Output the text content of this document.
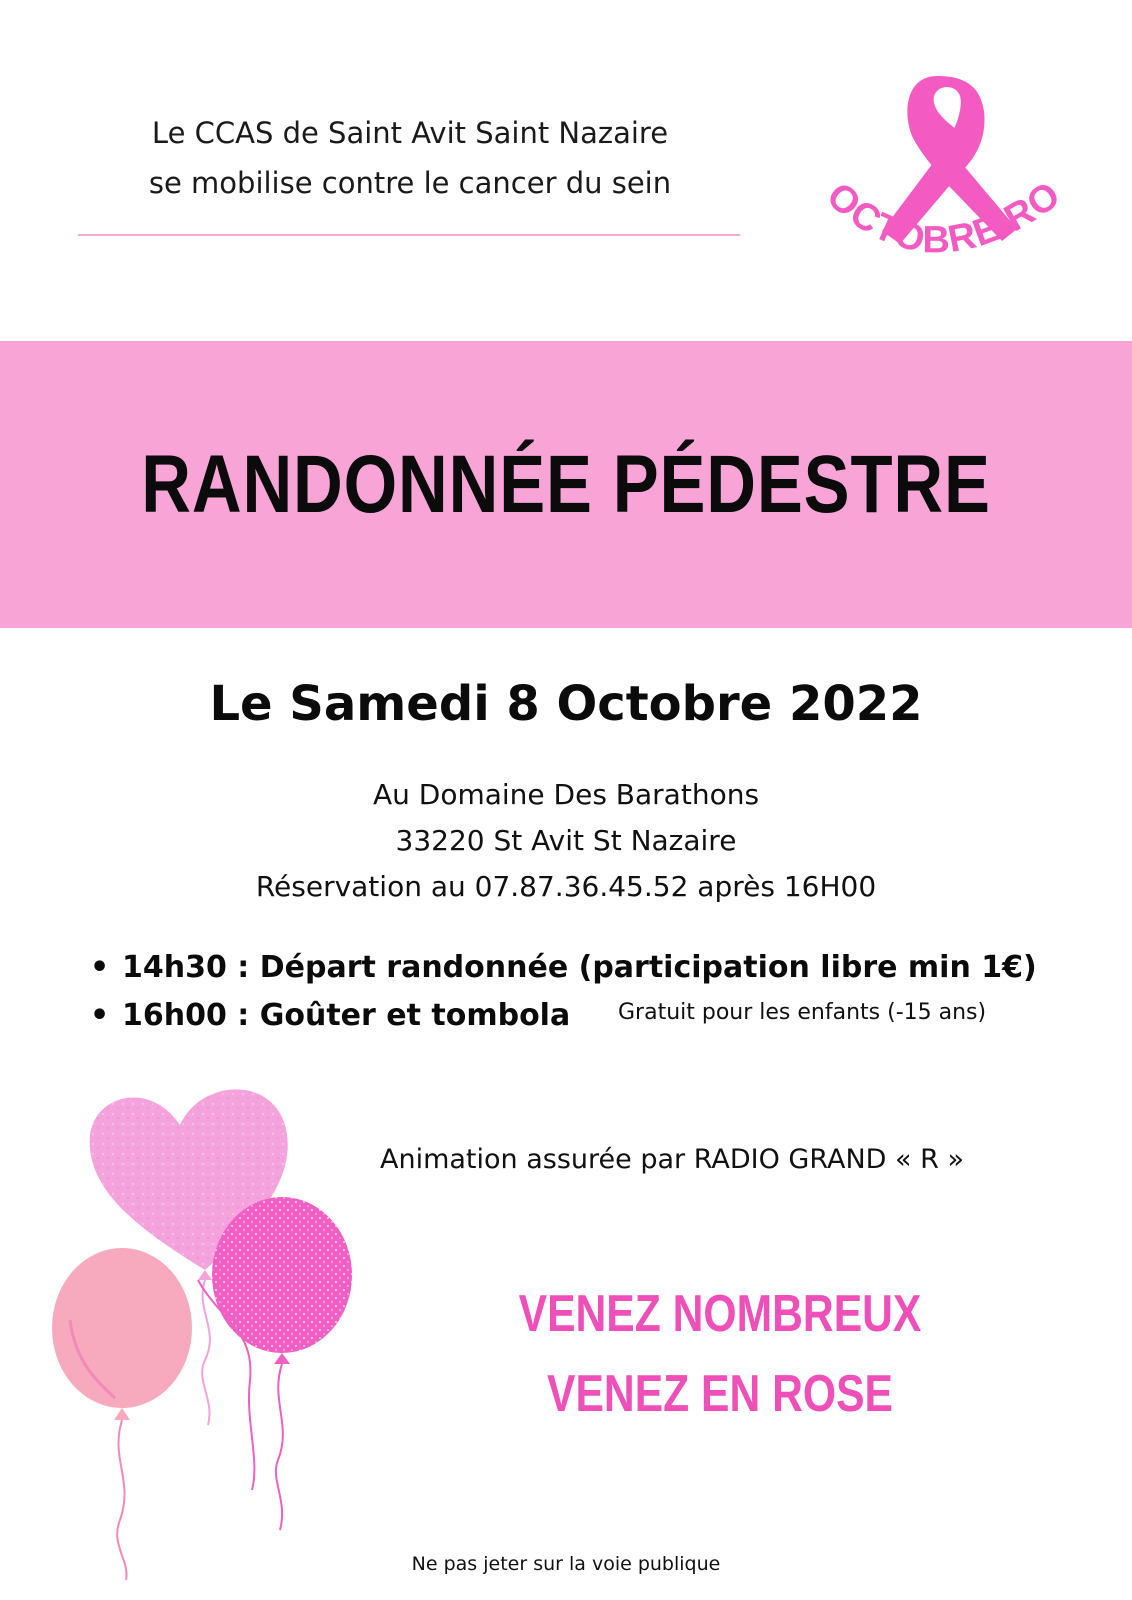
Le CCAS de Saint Avit Saint Nazaire
se mobilise contre le cancer du sein	OCTOBRE RO
RANDONNÉE PÉDESTRE
Le Samedi 8 Octobre 2022
Au Domaine Des Barathons
33220 St Avit St Nazaire
Réservation au 07.87.36.45.52 après 16H00
• 14h30 : Départ randonnée (participation libre min 1€)
• 16h00 : Goûter et tombola Gratuit pour les enfants (-15 ans)
Animation assurée par RADIO GRAND « R »
VENEZ NOMBREUX
VENEZ EN ROSE
Ne pas jeter sur la voie publique
